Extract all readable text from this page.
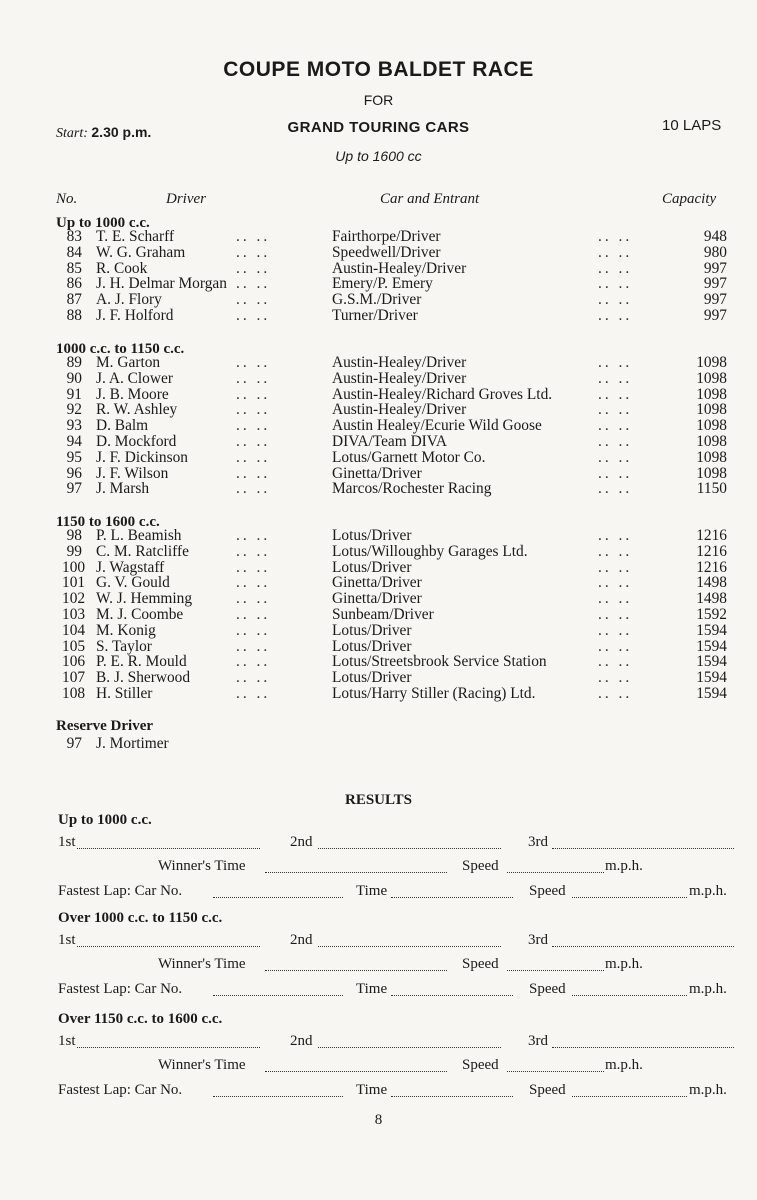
COUPE MOTO BALDET RACE
FOR
Start: 2.30 p.m.	GRAND TOURING CARS	10 LAPS
Up to 1600 cc
No.	Driver	Car and Entrant	Capacity
Up to 1000 c.c.
83 T. E. Scharff	Fairthorpe/Driver	948
.. ..	.. ..
84 W. G. Graham	Speedwell/Driver	980
.. ..	.. ..
85 R. Cook	Austin-Healey/Driver	997
.. ..	.. ..
86 J. H. Delmar Morgan	Emery/P. Emery	997
.. ..	.. ..
87 A. J. Flory	G.S.M./Driver	997
.. ..	.. ..
88 J. F. Holford	Turner/Driver	997
.. ..	.. ..
1000 c.c. to 1150 c.c.
89 M. Garton	Austin-Healey/Driver	1098
.. ..	.. ..
90 J. A. Clower	Austin-Healey/Driver	1098
.. ..	.. ..
91 J. B. Moore	Austin-Healey/Richard Groves Ltd.	1098
.. ..	.. ..
92 R. W. Ashley	Austin-Healey/Driver	1098
.. ..	.. ..
93 D. Balm	Austin Healey/Ecurie Wild Goose	1098
.. ..	.. ..
94 D. Mockford	DIVA/Team DIVA	1098
.. ..	.. ..
95 J. F. Dickinson	Lotus/Garnett Motor Co.	1098
.. ..	.. ..
96 J. F. Wilson	Ginetta/Driver	1098
.. ..	.. ..
97 J. Marsh	Marcos/Rochester Racing	1150
.. ..	.. ..
1150 to 1600 c.c.
98 P. L. Beamish	Lotus/Driver	1216
.. ..	.. ..
99 C. M. Ratcliffe	Lotus/Willoughby Garages Ltd.	1216
.. ..	.. ..
100 J. Wagstaff	Lotus/Driver	1216
.. ..	.. ..
101 G. V. Gould	Ginetta/Driver	1498
.. ..	.. ..
102 W. J. Hemming	Ginetta/Driver	1498
.. ..	.. ..
103 M. J. Coombe	Sunbeam/Driver	1592
.. ..	.. ..
104 M. Konig	Lotus/Driver	1594
.. ..	.. ..
105 S. Taylor	Lotus/Driver	1594
.. ..	.. ..
106 P. E. R. Mould	Lotus/Streetsbrook Service Station	1594
.. ..	.. ..
107 B. J. Sherwood	Lotus/Driver	1594
.. ..	.. ..
108 H. Stiller	Lotus/Harry Stiller (Racing) Ltd.	1594
.. ..	.. ..
Reserve Driver
97 J. Mortimer
RESULTS
Up to 1000 c.c.
1st	2nd	3rd
Winner's Time	Speed	m.p.h.
Fastest Lap: Car No.	Time	Speed	m.p.h.
Over 1000 c.c. to 1150 c.c.
1st	2nd	3rd
Winner's Time	Speed	m.p.h.
Fastest Lap: Car No.	Time	Speed	m.p.h.
Over 1150 c.c. to 1600 c.c.
1st	2nd	3rd
Winner's Time	Speed	m.p.h.
Fastest Lap: Car No.	Time	Speed	m.p.h.
8
